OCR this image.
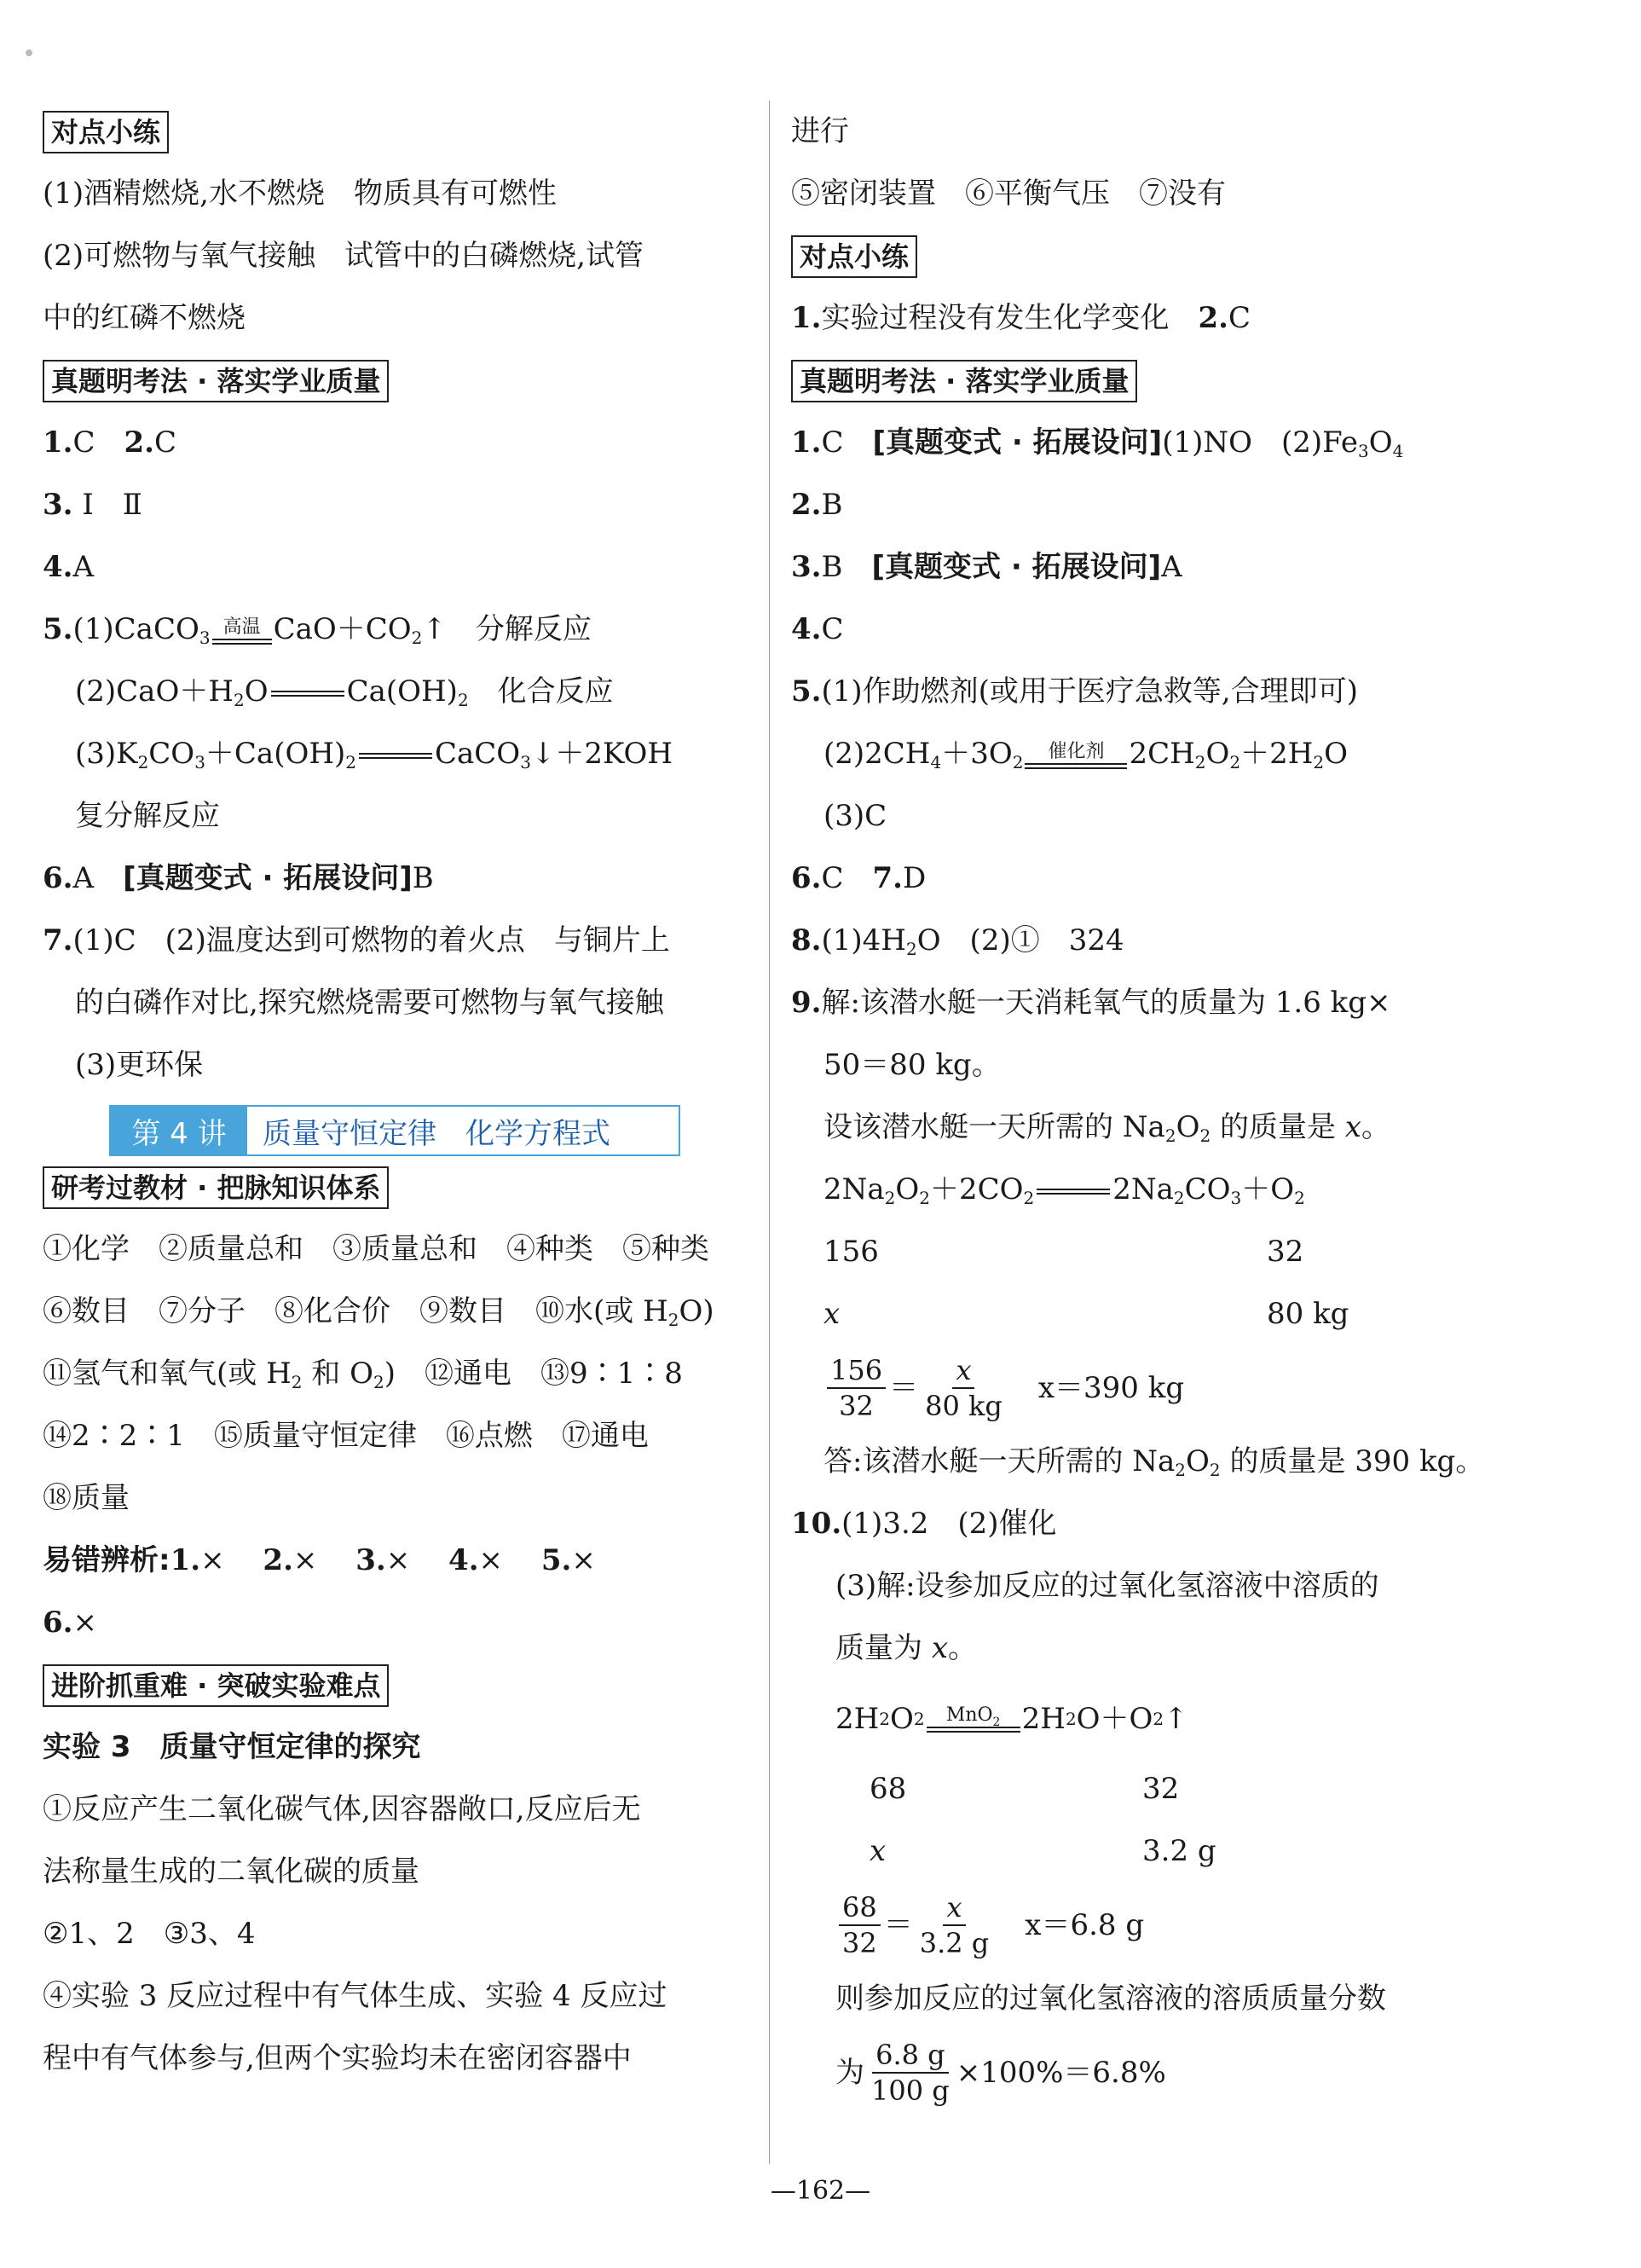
对点小练
(1)酒精燃烧,水不燃烧　物质具有可燃性
(2)可燃物与氧气接触　试管中的白磷燃烧,试管
中的红磷不燃烧
真题明考法 · 落实学业质量
1.C　 2.C
3. Ⅰ　Ⅱ
4.A
5.(1)CaCO$_3$
高温 $CaO+CO_2↑$　分解反应
$(2)CaO+H_2O$	$Ca(OH)_2$　化合反应
$(3)K_2CO_3+Ca(OH)_2$	CaCO$_3$↓＋2KOH
复分解反应
6.A　[真题变式 · 拓展设问]B
7.(1)C　(2)温度达到可燃物的着火点　与铜片上
的白磷作对比,探究燃烧需要可燃物与氧气接触
(3)更环保
第 4 讲	质量守恒定律　化学方程式
研考过教材 · 把脉知识体系
①化学　②质量总和　③质量总和　④种类　⑤种类
⑥数目　⑦分子　⑧化合价　⑨数目　⑩水(或 $H_2O$)
⑪氢气和氧气(或 $H_2$ 和 $O_2$)　⑫通电　⑬9∶1∶8
⑭2∶2∶1　⑮质量守恒定律　⑯点燃　⑰通电
⑱质量
易错辨析:1.×　 2.×　 3.×　 4.×　 5.×
6.×
进阶抓重难 · 突破实验难点
实验 3　质量守恒定律的探究
①反应产生二氧化碳气体,因容器敞口,反应后无
法称量生成的二氧化碳的质量
②1、2　③3、4
④实验 3 反应过程中有气体生成、实验 4 反应过
程中有气体参与,但两个实验均未在密闭容器中
进行
⑤密闭装置　⑥平衡气压　⑦没有
对点小练
1.实验过程没有发生化学变化　2.C
真题明考法 · 落实学业质量
1.C　[真题变式 · 拓展设问](1)NO　$(2)Fe_3O_4$
2.B
3.B　[真题变式 · 拓展设问]A
4.C
5.(1)作助燃剂(或用于医疗急救等,合理即可)
$(2)2CH_4+3O_2$
催化剂 $2CH_2O_2+2H_2O$
(3)C
6.C　7.D
$8.(1)4H_2O$　(2)①　324
9.解:该潜水艇一天消耗氧气的质量为 1.6 kg×
50＝80 kg。
设该潜水艇一天所需的 $Na_2O_2$ 的质量是 x。
$2Na_2O_2+2CO_2$	$2Na_2CO_3+O_2$
156	32
x	80 kg
$\frac{156}{32} = \frac{x}{80 kg}$
　 x＝390 kg
答:该潜水艇一天所需的 $Na_2O_2$ 的质量是 390 kg。
10.(1)3.2　(2)催化
(3)解:设参加反应的过氧化氢溶液中溶质的
质量为 x。
2H 2 O 2 MnO$_2$ 2H 2 O＋O 2 ↑
68	32
x	3.2 g
$\frac{68}{32} = \frac{x}{3.2 g}$
　 x＝6.8 g
则参加反应的过氧化氢溶液的溶质质量分数
为 $\frac{6.8 g}{100 g} \times 100\%=6.8\%$
—162—
